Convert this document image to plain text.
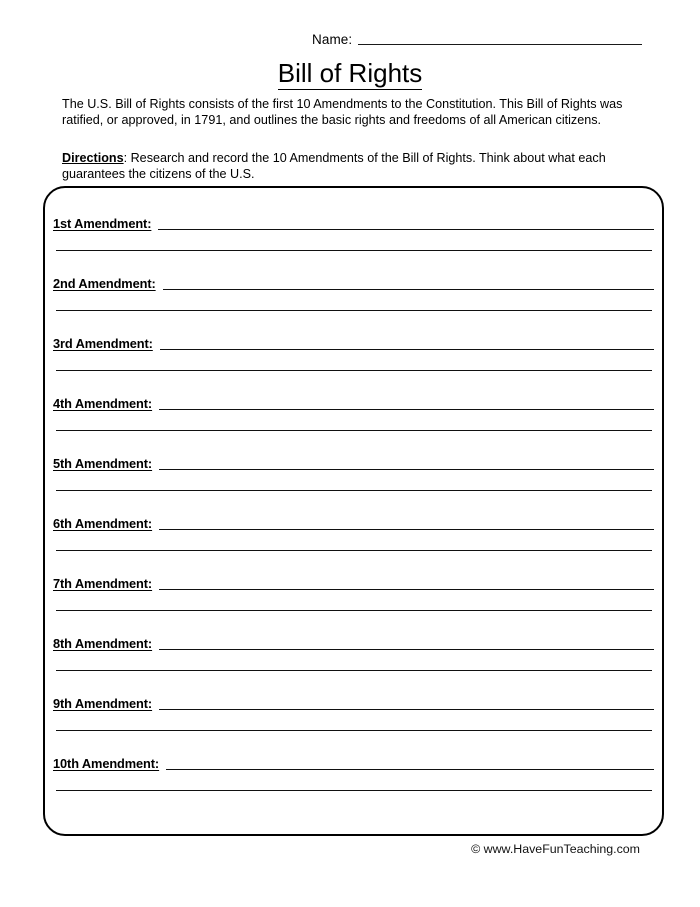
Name:
Bill of Rights
The U.S. Bill of Rights consists of the first 10 Amendments to the Constitution. This Bill of Rights was ratified, or approved, in 1791, and outlines the basic rights and freedoms of all American citizens.
Directions: Research and record the 10 Amendments of the Bill of Rights. Think about what each guarantees the citizens of the U.S.
1st Amendment:
2nd Amendment:
3rd Amendment:
4th Amendment:
5th Amendment:
6th Amendment:
7th Amendment:
8th Amendment:
9th Amendment:
10th Amendment:
© www.HaveFunTeaching.com
